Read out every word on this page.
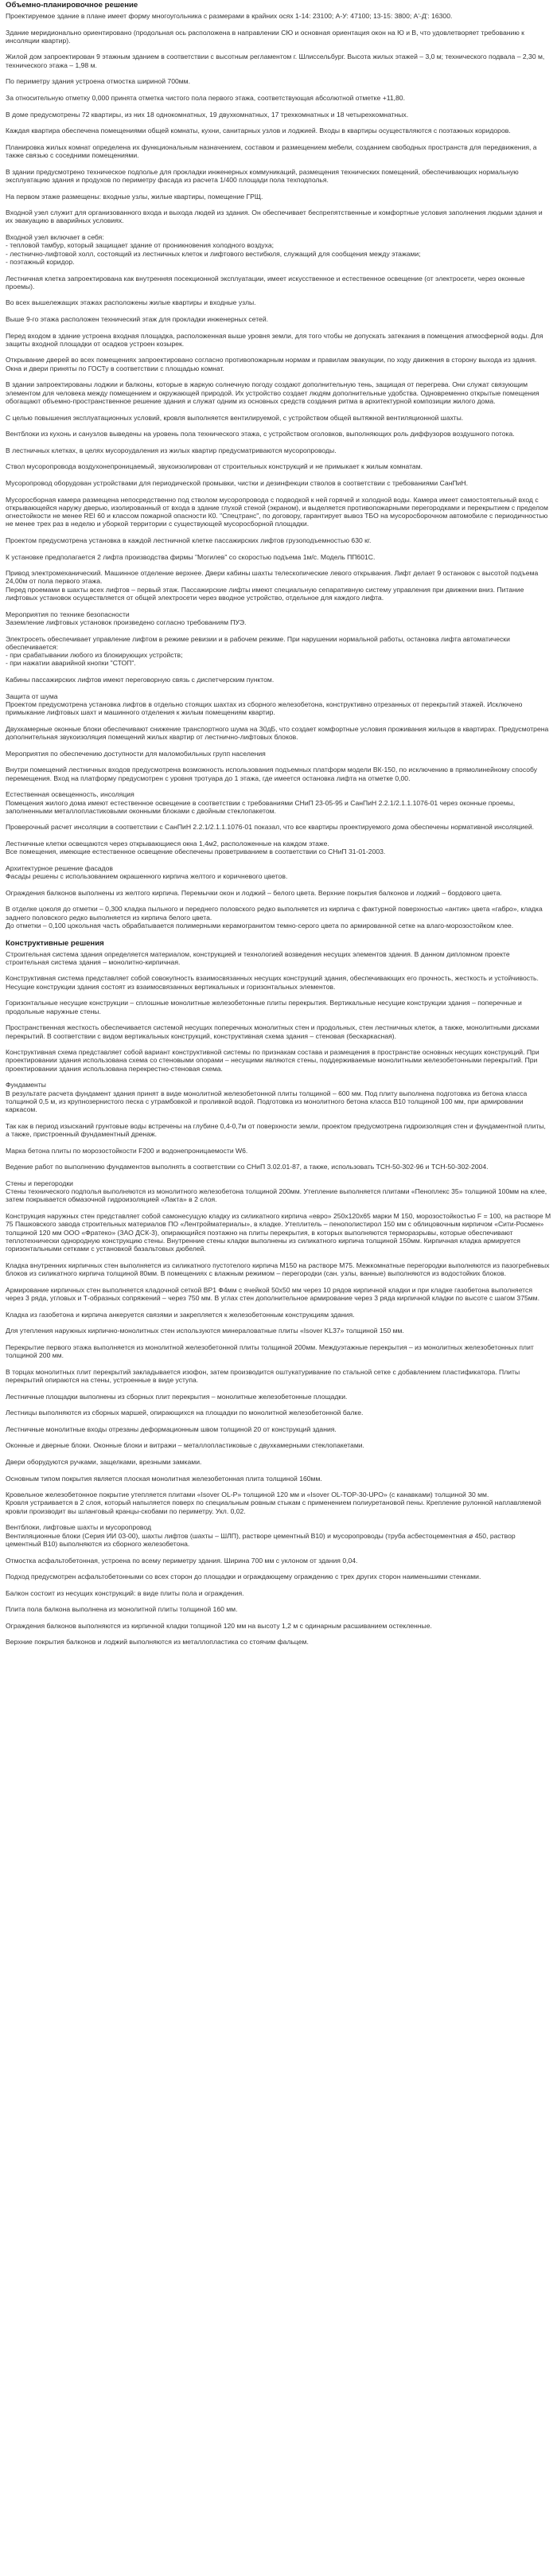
Объемно-планировочное решение

Проектируемое здание в плане имеет форму многоугольника с размерами в крайних осях 1-14: 23100; А-У: 47100; 13-15: 3800; А'-Д': 16300.

Здание меридионально ориентировано (продольная ось расположена в направлении СЮ и основная ориентация окон на Ю и В, что удовлетворяет требованию к инсоляции квартир).

Жилой дом запроектирован 9 этажным зданием в соответствии с высотным регламентом г. Шлиссельбург. Высота жилых этажей – 3,0 м; технического подвала – 2,30 м, технического этажа – 1,98 м.

По периметру здания устроена отмостка шириной 700мм.

За относительную отметку 0,000 принята отметка чистого пола первого этажа, соответствующая абсолютной отметке +11,80.

В доме предусмотрены 72 квартиры, из них 18 однокомнатных, 19 двухкомнатных, 17 трехкомнатных и 18 четырехкомнатных.

Каждая квартира обеспечена помещениями общей комнаты, кухни, санитарных узлов и лоджией. Входы в квартиры осуществляются с поэтажных коридоров.

Планировка жилых комнат определена их функциональным назначением, составом и размещением мебели, созданием свободных пространств для передвижения, а также связью с соседними помещениями.

В здании предусмотрено техническое подполье для прокладки инженерных коммуникаций, размещения технических помещений, обеспечивающих нормальную эксплуатацию здания и продухов по периметру фасада из расчета 1/400 площади пола техподполья.

На первом этаже размещены: входные узлы, жилые квартиры, помещение ГРЩ.

Входной узел служит для организованного входа и выхода людей из здания. Он обеспечивает беспрепятственные и комфортные условия заполнения людьми здания и их эвакуацию в аварийных условиях.

Входной узел включает в себя:
- тепловой тамбур, который защищает здание от проникновения холодного воздуха;
- лестнично-лифтовой холл, состоящий из лестничных клеток и лифтового вестибюля, служащий для сообщения между этажами;
- поэтажный коридор.

Лестничная клетка запроектирована как внутренняя посекционной эксплуатации, имеет искусственное и естественное освещение (от электросети, через оконные проемы).

Во всех вышележащих этажах расположены жилые квартиры и входные узлы.

Выше 9-го этажа расположен технический этаж для прокладки инженерных сетей.

Перед входом в здание устроена входная площадка, расположенная выше уровня земли, для того чтобы не допускать затекания в помещения атмосферной воды. Для защиты входной площадки от осадков устроен козырек.

Открывание дверей во всех помещениях запроектировано согласно противопожарным нормам и правилам эвакуации, по ходу движения в сторону выхода из здания. Окна и двери приняты по ГОСТу в соответствии с площадью комнат.

В здании запроектированы лоджии и балконы, которые в жаркую солнечную погоду создают дополнительную тень, защищая от перегрева. Они служат связующим элементом для человека между помещением и окружающей природой. Их устройство создает людям дополнительные удобства. Одновременно открытые помещения обогащают объемно-пространственное решение здания и служат одним из основных средств создания ритма в архитектурной композиции жилого дома.

С целью повышения эксплуатационных условий, кровля выполняется вентилируемой, с устройством общей вытяжной вентиляционной шахты.

Вентблоки из кухонь и санузлов выведены на уровень пола технического этажа, с устройством оголовков, выполняющих роль диффузоров воздушного потока.

В лестничных клетках, в целях мусороудаления из жилых квартир предусматриваются мусоропроводы.

Ствол мусоропровода воздухонепроницаемый, звукоизолирован от строительных конструкций и не примыкает к жилым комнатам.

Мусоропровод оборудован устройствами для периодической промывки, чистки и дезинфекции стволов в соответствии с требованиями СанПиН.

Мусоросборная камера размещена непосредственно под стволом мусоропровода с подводкой к ней горячей и холодной воды. Камера имеет самостоятельный вход с открывающейся наружу дверью, изолированный от входа в здание глухой стеной (экраном), и выделяется противопожарными перегородками и перекрытием с пределом огнестойкости не менее REI 60 и классом пожарной опасности К0. "Спецтранс", по договору, гарантирует вывоз ТБО на мусоросборочном автомобиле с периодичностью не менее трех раз в неделю и уборкой территории с существующей мусоросборной площадки.

Проектом предусмотрена установка в каждой лестничной клетке пассажирских лифтов грузоподъемностью 630 кг.

К установке предполагается 2 лифта производства фирмы "Могилев" со скоростью подъема 1м/с. Модель ПП601С.

Привод электромеханический. Машинное отделение верхнее. Двери кабины шахты телескопические левого открывания. Лифт делает 9 остановок с высотой подъема 24,00м от пола первого этажа.
Перед проемами в шахты всех лифтов – первый этаж. Пассажирские лифты имеют специальную сепаративную систему управления при движении вниз. Питание лифтовых установок осуществляется от общей электросети через вводное устройство, отдельное для каждого лифта.

Мероприятия по технике безопасности
Заземление лифтовых установок произведено согласно требованиям ПУЭ.

Электросеть обеспечивает управление лифтом в режиме ревизии и в рабочем режиме. При нарушении нормальной работы, остановка лифта автоматически обеспечивается:
- при срабатывании любого из блокирующих устройств;
- при нажатии аварийной кнопки "СТОП".

Кабины пассажирских лифтов имеют переговорную связь с диспетчерским пунктом.

Защита от шума
Проектом предусмотрена установка лифтов в отдельно стоящих шахтах из сборного железобетона, конструктивно отрезанных от перекрытий этажей. Исключено примыкание лифтовых шахт и машинного отделения к жилым помещениям квартир.

Двухкамерные оконные блоки обеспечивают снижение транспортного шума на 30дБ, что создает комфортные условия проживания жильцов в квартирах. Предусмотрена дополнительная звукоизоляция помещений жилых квартир от лестнично-лифтовых блоков.

Мероприятия по обеспечению доступности для маломобильных групп населения

Внутри помещений лестничных входов предусмотрена возможность использования подъемных платформ модели ВК-150, по исключению в прямолинейному способу перемещения. Вход на платформу предусмотрен с уровня тротуара до 1 этажа, где имеется остановка лифта на отметке 0,00.

Естественная освещенность, инсоляция
Помещения жилого дома имеют естественное освещение в соответствии с требованиями СНиП 23-05-95 и СанПиН 2.2.1/2.1.1.1076-01 через оконные проемы, заполненными металлопластиковыми оконными блоками с двойным стеклопакетом.

Проверочный расчет инсоляции в соответствии с СанПиН 2.2.1/2.1.1.1076-01 показал, что все квартиры проектируемого дома обеспечены нормативной инсоляцией.

Лестничные клетки освещаются через открывающиеся окна 1,4м2, расположенные на каждом этаже.
Все помещения, имеющие естественное освещение обеспечены проветриванием в соответствии со СНиП 31-01-2003.

Архитектурное решение фасадов
Фасады решены с использованием окрашенного кирпича желтого и коричневого цветов.

Ограждения балконов выполнены из желтого кирпича. Перемычки окон и лоджий – белого цвета. Верхние покрытия балконов и лоджий – бордового цвета.

В отделке цоколя до отметки – 0,300 кладка пыльного и переднего половского редко выполняется из кирпича с фактурной поверхностью «антик» цвета «габро», кладка заднего половского редко выполняется из кирпича белого цвета.
До отметки – 0,100 цокольная часть обрабатывается полимерными керамогранитом темно-серого цвета по армированной сетке на влаго-морозостойком клее.

Конструктивные решения

Строительная система здания определяется материалом, конструкцией и технологией возведения несущих элементов здания. В данном дипломном проекте строительная система здания – монолитно-кирпичная.

Конструктивная система представляет собой совокупность взаимосвязанных несущих конструкций здания, обеспечивающих его прочность, жесткость и устойчивость. Несущие конструкции здания состоят из взаимосвязанных вертикальных и горизонтальных элементов.

Горизонтальные несущие конструкции – сплошные монолитные железобетонные плиты перекрытия. Вертикальные несущие конструкции здания – поперечные и продольные наружные стены.

Пространственная жесткость обеспечивается системой несущих поперечных монолитных стен и продольных, стен лестничных клеток, а также, монолитными дисками перекрытий. В соответствии с видом вертикальных конструкций, конструктивная схема здания – стеновая (бескаркасная).

Конструктивная схема представляет собой вариант конструктивной системы по признакам состава и размещения в пространстве основных несущих конструкций. При проектировании здания использована схема со стеновыми опорами – несущими являются стены, поддерживаемые монолитными железобетонными перекрытий. При проектировании здания использована перекрестно-стеновая схема.

Фундаменты
В результате расчета фундамент здания принят в виде монолитной железобетонной плиты толщиной – 600 мм. Под плиту выполнена подготовка из бетона класса толщиной 0,5 м, из крупнозернистого песка с утрамбовкой и проливкой водой. Подготовка из монолитного бетона класса В10 толщиной 100 мм, при армировании каркасом.

Так как в период изысканий грунтовые воды встречены на глубине 0,4-0,7м от поверхности земли, проектом предусмотрена гидроизоляция стен и фундаментной плиты, а также, пристроенный фундаментный дренаж.

Марка бетона плиты по морозостойкости F200 и водонепроницаемости W6.

Ведение работ по выполнению фундаментов выполнять в соответствии со СНиП 3.02.01-87, а также, использовать ТСН-50-302-96 и ТСН-50-302-2004.

Стены и перегородки
Стены технического подполья выполняются из монолитного железобетона толщиной 200мм. Утепление выполняется плитами «Пеноплекс 35» толщиной 100мм на клее, затем покрывается обмазочной гидроизоляцией «Лакта» в 2 слоя.

Конструкция наружных стен представляет собой самонесущую кладку из силикатного кирпича «евро» 250х120х65 марки М 150, морозостойкостью F = 100, на растворе М 75 Пашковского завода строительных материалов ПО «Лентройматериалы», в кладке. Утеплитель – пенополистирол 150 мм с облицовочным кирпичом «Сити-Росмен» толщиной 120 мм ООО «Фратеко» (ЗАО ДСК-3), опирающийся поэтажно на плиты перекрытия, в которых выполняются терморазрывы, которые обеспечивают теплотехнически однородную конструкцию стены. Внутренние стены кладки выполнены из силикатного кирпича толщиной 150мм. Кирпичная кладка армируется горизонтальными сетками с установкой базальтовых дюбелей.

Кладка внутренних кирпичных стен выполняется из силикатного пустотелого кирпича М150 на растворе М75. Межкомнатные перегородки выполняются из пазогребневых блоков из силикатного кирпича толщиной 80мм. В помещениях с влажным режимом – перегородки (сан. узлы, ванные) выполняются из водостойких блоков.

Армирование кирпичных стен выполняется кладочной сеткой ВР1 Ф4мм с ячейкой 50х50 мм через 10 рядов кирпичной кладки и при кладке газобетона выполняется через 3 ряда, угловых и Т-образных сопряжений – через 750 мм. В углах стен дополнительное армирование через 3 ряда кирпичной кладки по высоте с шагом 375мм.

Кладка из газобетона и кирпича анкеруется связями и закрепляется к железобетонным конструкциям здания.

Для утепления наружных кирпично-монолитных стен используются минераловатные плиты «Isover KL37» толщиной 150 мм.

Перекрытие первого этажа выполняется из монолитной железобетонной плиты толщиной 200мм. Междуэтажные перекрытия – из монолитных железобетонных плит толщиной 200 мм.

В торцах монолитных плит перекрытий закладывается изофон, затем производится оштукатуривание по стальной сетке с добавлением пластификатора. Плиты перекрытий опираются на стены, устроенные в виде уступа.

Лестничные площадки выполнены из сборных плит перекрытия – монолитные железобетонные площадки.

Лестницы выполняются из сборных маршей, опирающихся на площадки по монолитной железобетонной балке.

Лестничные монолитные входы отрезаны деформационным швом толщиной 20 от конструкций здания.

Оконные и дверные блоки. Оконные блоки и витражи – металлопластиковые с двухкамерными стеклопакетами.

Двери оборудуются ручками, защелками, врезными замками.

Основным типом покрытия является плоская монолитная железобетонная плита толщиной 160мм.

Кровельное железобетонное покрытие утепляется плитами «Isover OL-P» толщиной 120 мм и «Isover OL-TOP-30-UPO» (с канавками) толщиной 30 мм.
Кровля устраивается в 2 слоя, который напыляется поверх по специальным ровным стыкам с применением полиуретановой пены. Крепление рулонной наплавляемой кровли производит вы шланговый кранцы-скобами по периметру. Укл. 0,02.

Вентблоки, лифтовые шахты и мусоропровод
Вентиляционные блоки (Серия ИИ 03-00), шахты лифтов (шахты – ШЛП), растворе цементный В10) и мусоропроводы (труба асбестоцементная ø 450, раствор цементный В10) выполняются из сборного железобетона.

Отмостка асфальтобетонная, устроена по всему периметру здания. Ширина 700 мм с уклоном от здания 0,04.

Подход предусмотрен асфальтобетонными со всех сторон до площадки и ограждающему ограждению с трех других сторон наименьшими стенками.

Балкон состоит из несущих конструкций: в виде плиты пола и ограждения.

Плита пола балкона выполнена из монолитной плиты толщиной 160 мм.

Ограждения балконов выполняются из кирпичной кладки толщиной 120 мм на высоту 1,2 м с одинарным расшиванием остекленные.

Верхние покрытия балконов и лоджий выполняются из металлопластика со стоячим фальцем.
